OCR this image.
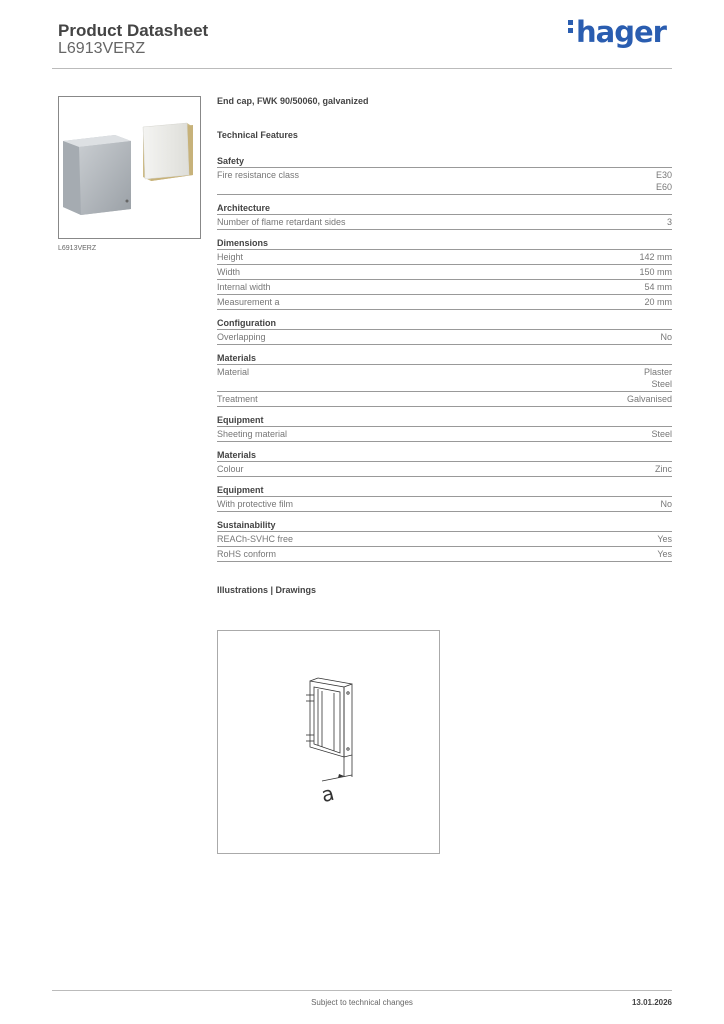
Product Datasheet
L6913VERZ	hager
L6913VERZ
End cap, FWK 90/50060, galvanized
Technical Features
Safety
Fire resistance class	E30
E60
Architecture
Number of flame retardant sides	3
Dimensions
Height	142 mm
Width	150 mm
Internal width	54 mm
Measurement a	20 mm
Configuration
Overlapping	No
Materials
Material	Plaster
Steel
Treatment	Galvanised
Equipment
Sheeting material	Steel
Materials
Colour	Zinc
Equipment
With protective film	No
Sustainability
REACh-SVHC free	Yes
RoHS conform	Yes
Illustrations | Drawings
a
Subject to technical changes	13.01.2026
